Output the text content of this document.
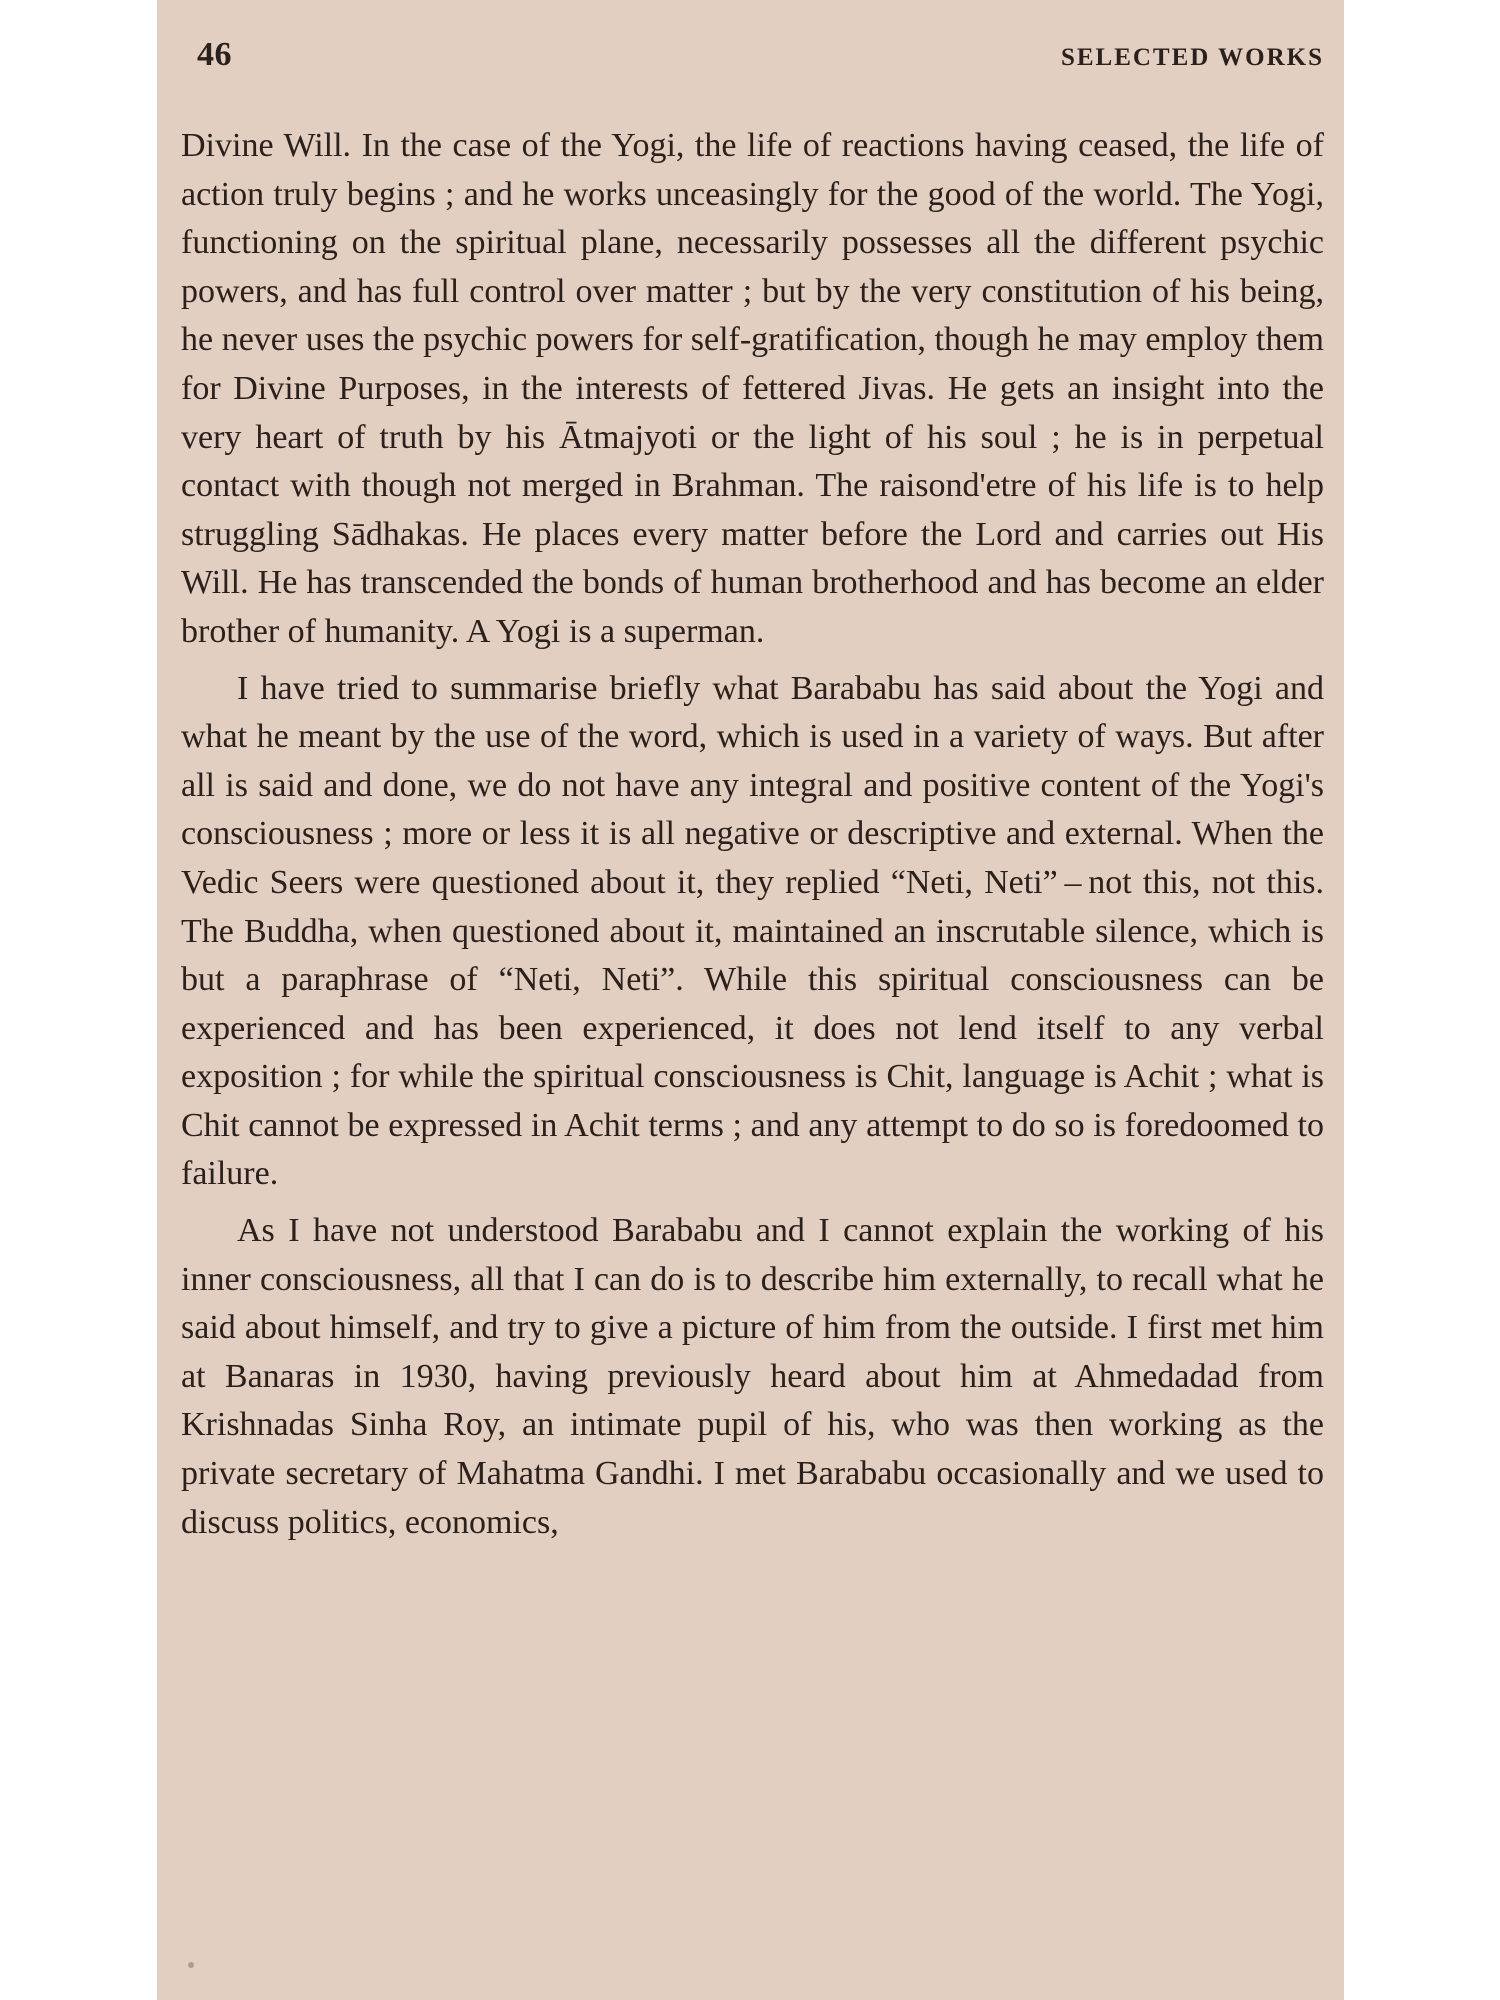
46	SELECTED WORKS

Divine Will. In the case of the Yogi, the life of reactions having ceased, the life of action truly begins ; and he works unceasingly for the good of the world. The Yogi, functioning on the spiritual plane, necessarily possesses all the different psychic powers, and has full control over matter ; but by the very constitution of his being, he never uses the psychic powers for self-gratification, though he may employ them for Divine Purposes, in the interests of fettered Jivas. He gets an insight into the very heart of truth by his Ātmajyoti or the light of his soul ; he is in perpetual contact with though not merged in Brahman. The raisond'etre of his life is to help struggling Sādhakas. He places every matter before the Lord and carries out His Will. He has transcended the bonds of human brotherhood and has become an elder brother of humanity. A Yogi is a superman.

I have tried to summarise briefly what Barababu has said about the Yogi and what he meant by the use of the word, which is used in a variety of ways. But after all is said and done, we do not have any integral and positive content of the Yogi's consciousness ; more or less it is all negative or descriptive and external. When the Vedic Seers were questioned about it, they replied “Neti, Neti” – not this, not this. The Buddha, when questioned about it, maintained an inscrutable silence, which is but a paraphrase of “Neti, Neti”. While this spiritual consciousness can be experienced and has been experienced, it does not lend itself to any verbal exposition ; for while the spiritual consciousness is Chit, language is Achit ; what is Chit cannot be expressed in Achit terms ; and any attempt to do so is foredoomed to failure.

As I have not understood Barababu and I cannot explain the working of his inner consciousness, all that I can do is to describe him externally, to recall what he said about himself, and try to give a picture of him from the outside. I first met him at Banaras in 1930, having previously heard about him at Ahmedadad from Krishnadas Sinha Roy, an intimate pupil of his, who was then working as the private secretary of Mahatma Gandhi. I met Barababu occasionally and we used to discuss politics, economics,
